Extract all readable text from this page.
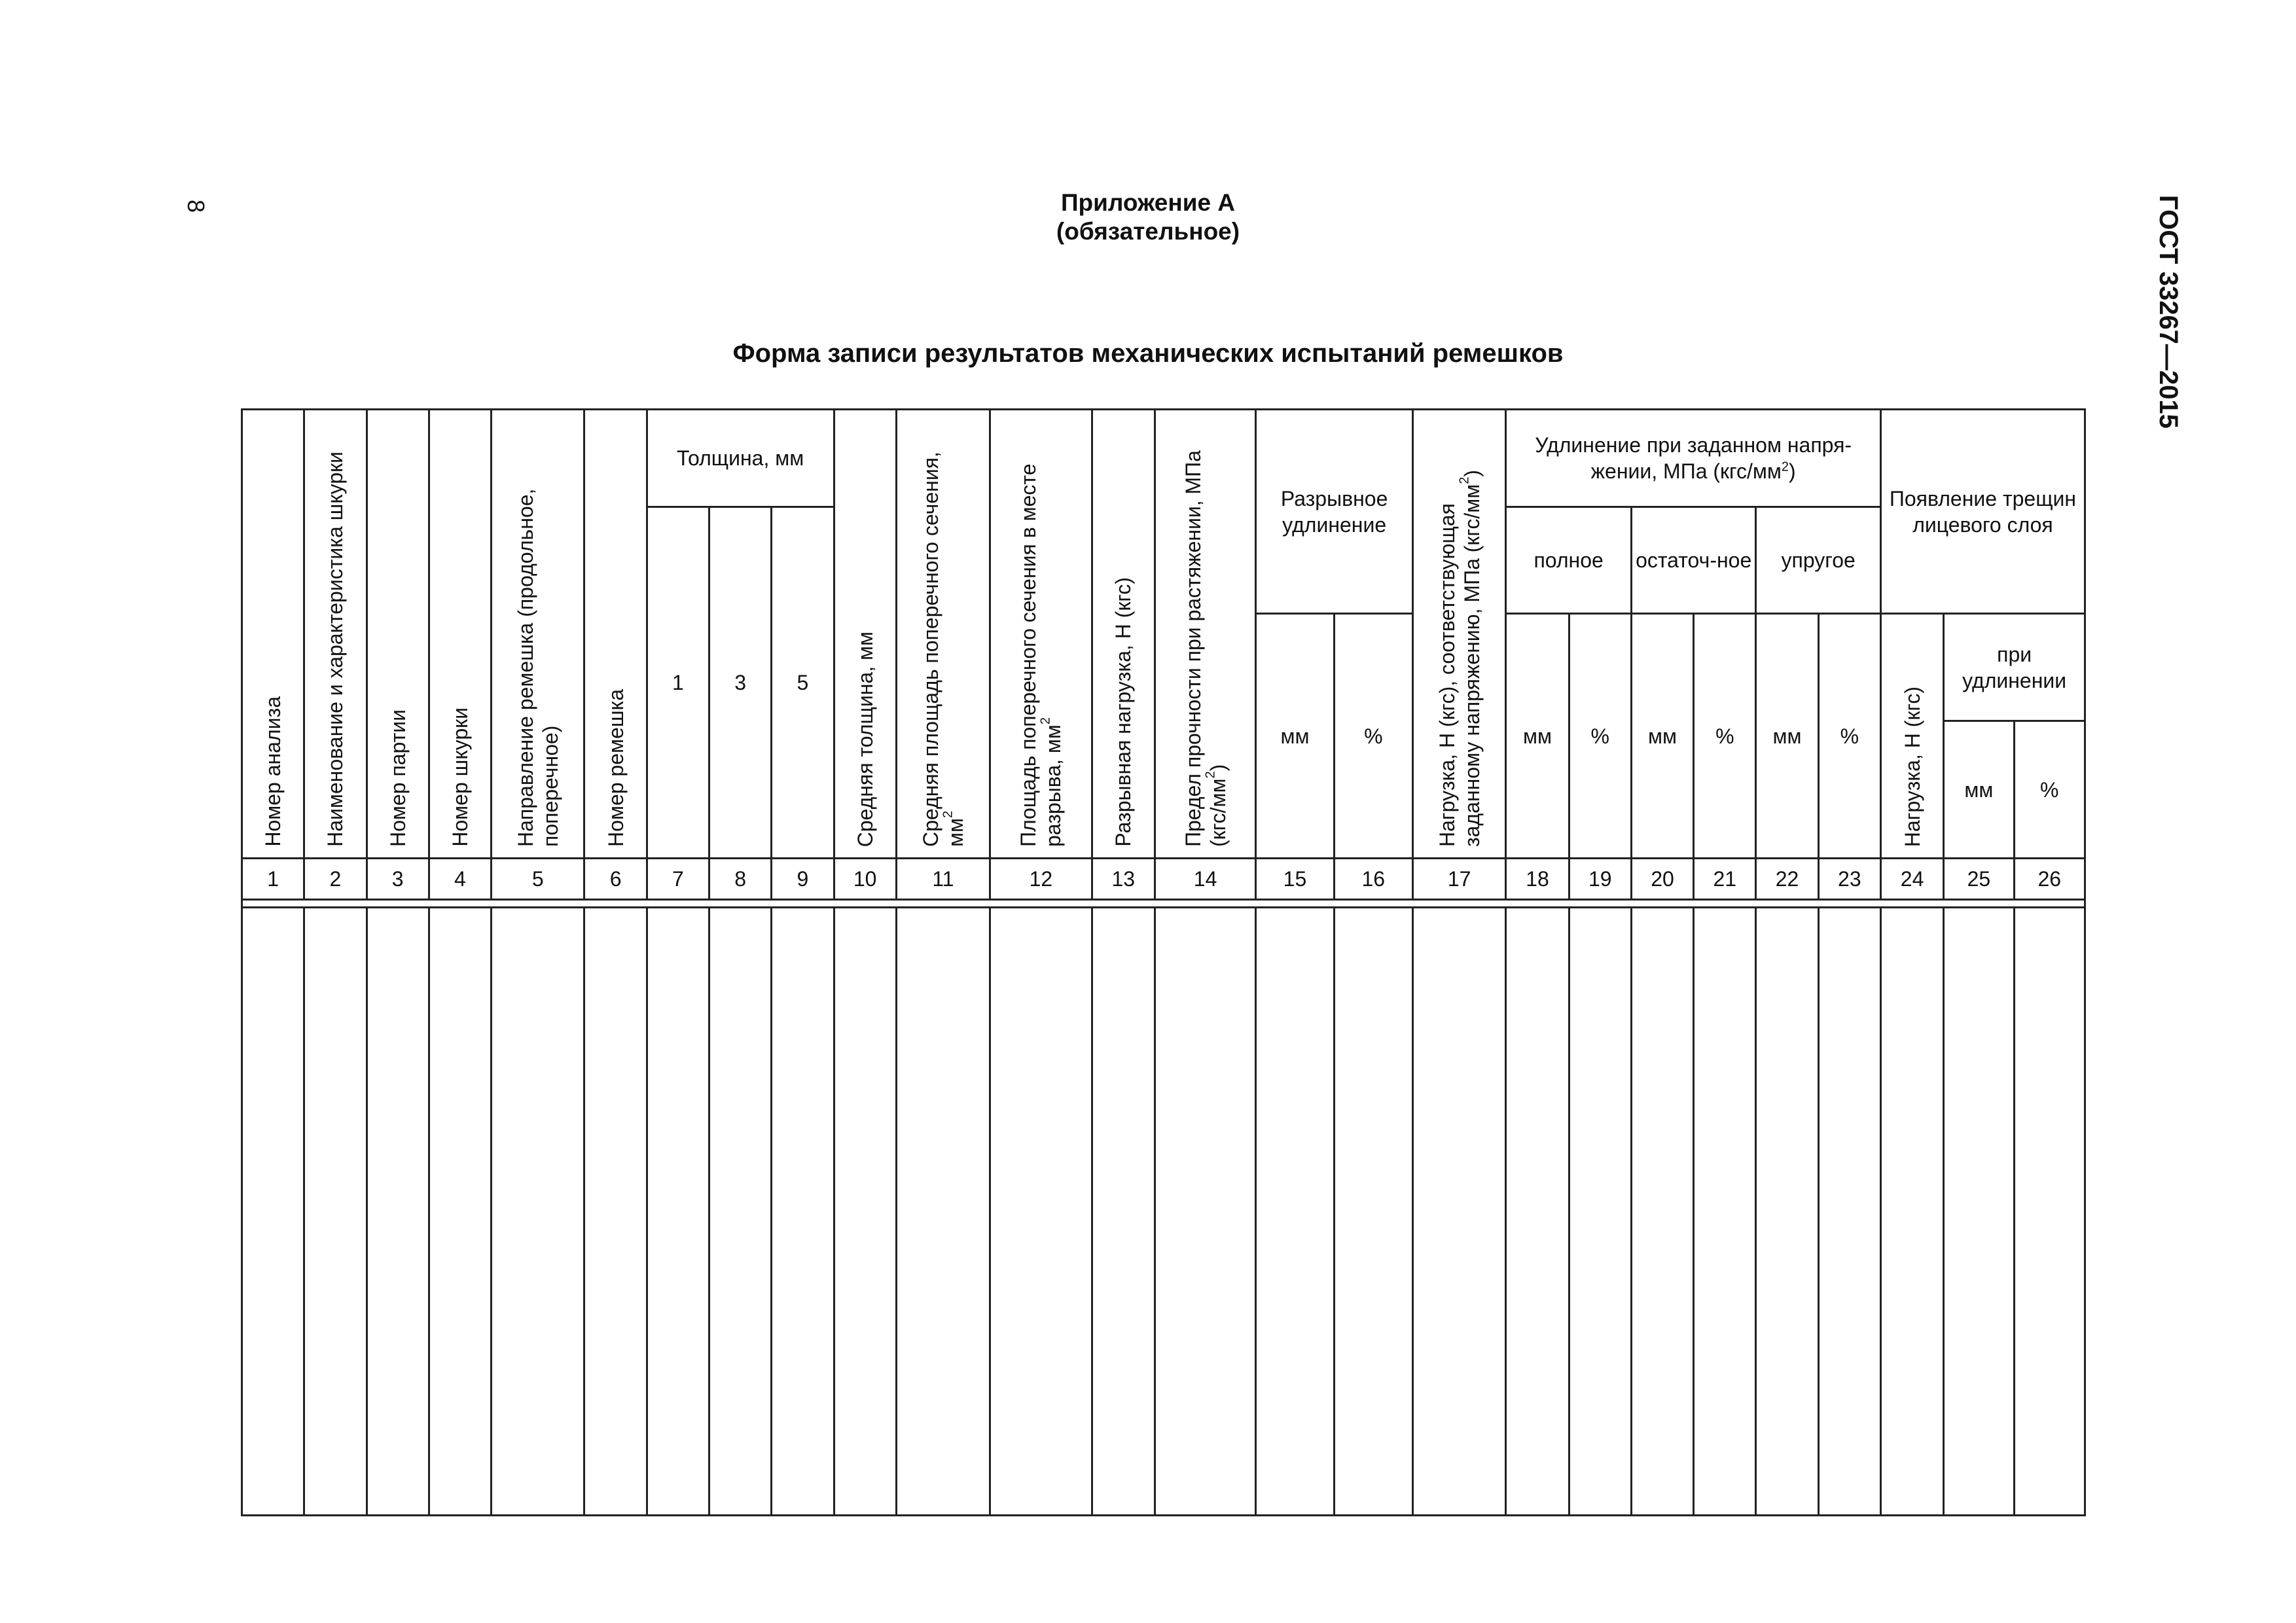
8	ГОСТ 33267—2015
Приложение А
(обязательное)
Форма записи результатов механических испытаний ремешков
Номер анализа	Наименование и характеристика шкурки	Номер партии	Номер шкурки	Направление ремешка (продольное, поперечное)	Номер ремешка	Толщина, мм			Средняя толщина, мм	Средняя площадь поперечного сечения, $мм^2$	Площадь поперечного сечения в месте разрыва, $мм^2$	Разрывная нагрузка, Н (кгс)	Предел прочности при растяжении, МПа $(кгс/мм^2)$	Разрывное удлинение		Нагрузка, Н (кгс), соответствующая заданному напряжению, МПа $(кгс/мм^2)$	Удлинение при заданном напря-жении, МПа $(кгс/мм^2)$						Появление трещин лицевого слоя		
						1	3	5									полное		остаточ-ное		упругое				
														мм	%		мм	%	мм	%	мм	%	Нагрузка, Н (кгс)	при удлинении	
																								мм	%
1	2	3	4	5	6	7	8	9	10	11	12	13	14	15	16	17	18	19	20	21	22	23	24	25	26
